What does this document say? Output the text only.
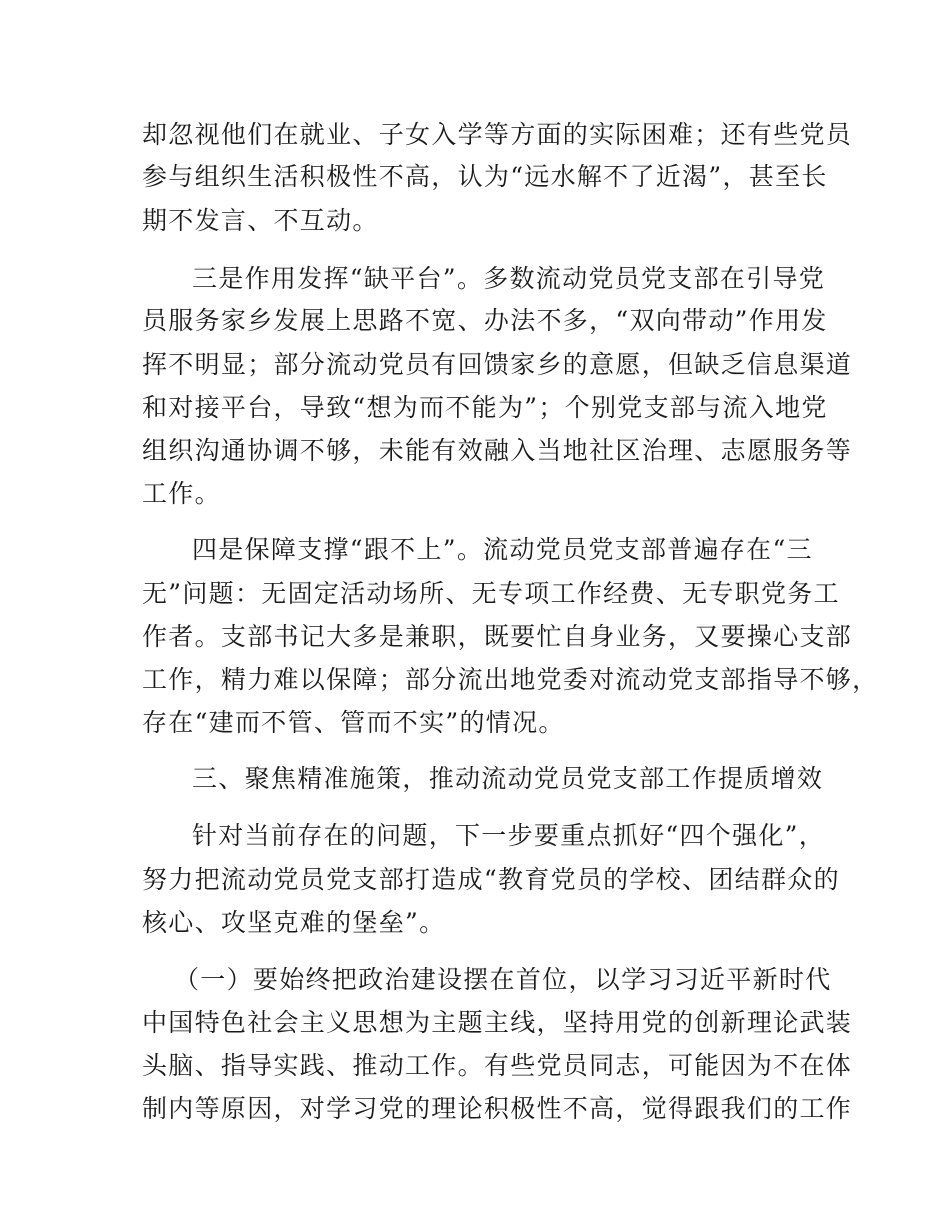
却忽视他们在就业、子女入学等方面的实际困难；还有些党员
参与组织生活积极性不高，认为“远水解不了近渴”，甚至长
期不发言、不互动。
三是作用发挥“缺平台”。多数流动党员党支部在引导党
员服务家乡发展上思路不宽、办法不多，“双向带动”作用发
挥不明显；部分流动党员有回馈家乡的意愿，但缺乏信息渠道
和对接平台，导致“想为而不能为”；个别党支部与流入地党
组织沟通协调不够，未能有效融入当地社区治理、志愿服务等
工作。
四是保障支撑“跟不上”。流动党员党支部普遍存在“三
无”问题：无固定活动场所、无专项工作经费、无专职党务工
作者。支部书记大多是兼职，既要忙自身业务，又要操心支部
工作，精力难以保障；部分流出地党委对流动党支部指导不够，
存在“建而不管、管而不实”的情况。
三、聚焦精准施策，推动流动党员党支部工作提质增效
针对当前存在的问题，下一步要重点抓好“四个强化”，
努力把流动党员党支部打造成“教育党员的学校、团结群众的
核心、攻坚克难的堡垒”。
（一）要始终把政治建设摆在首位，以学习习近平新时代
中国特色社会主义思想为主题主线，坚持用党的创新理论武装
头脑、指导实践、推动工作。有些党员同志，可能因为不在体
制内等原因，对学习党的理论积极性不高，觉得跟我们的工作
